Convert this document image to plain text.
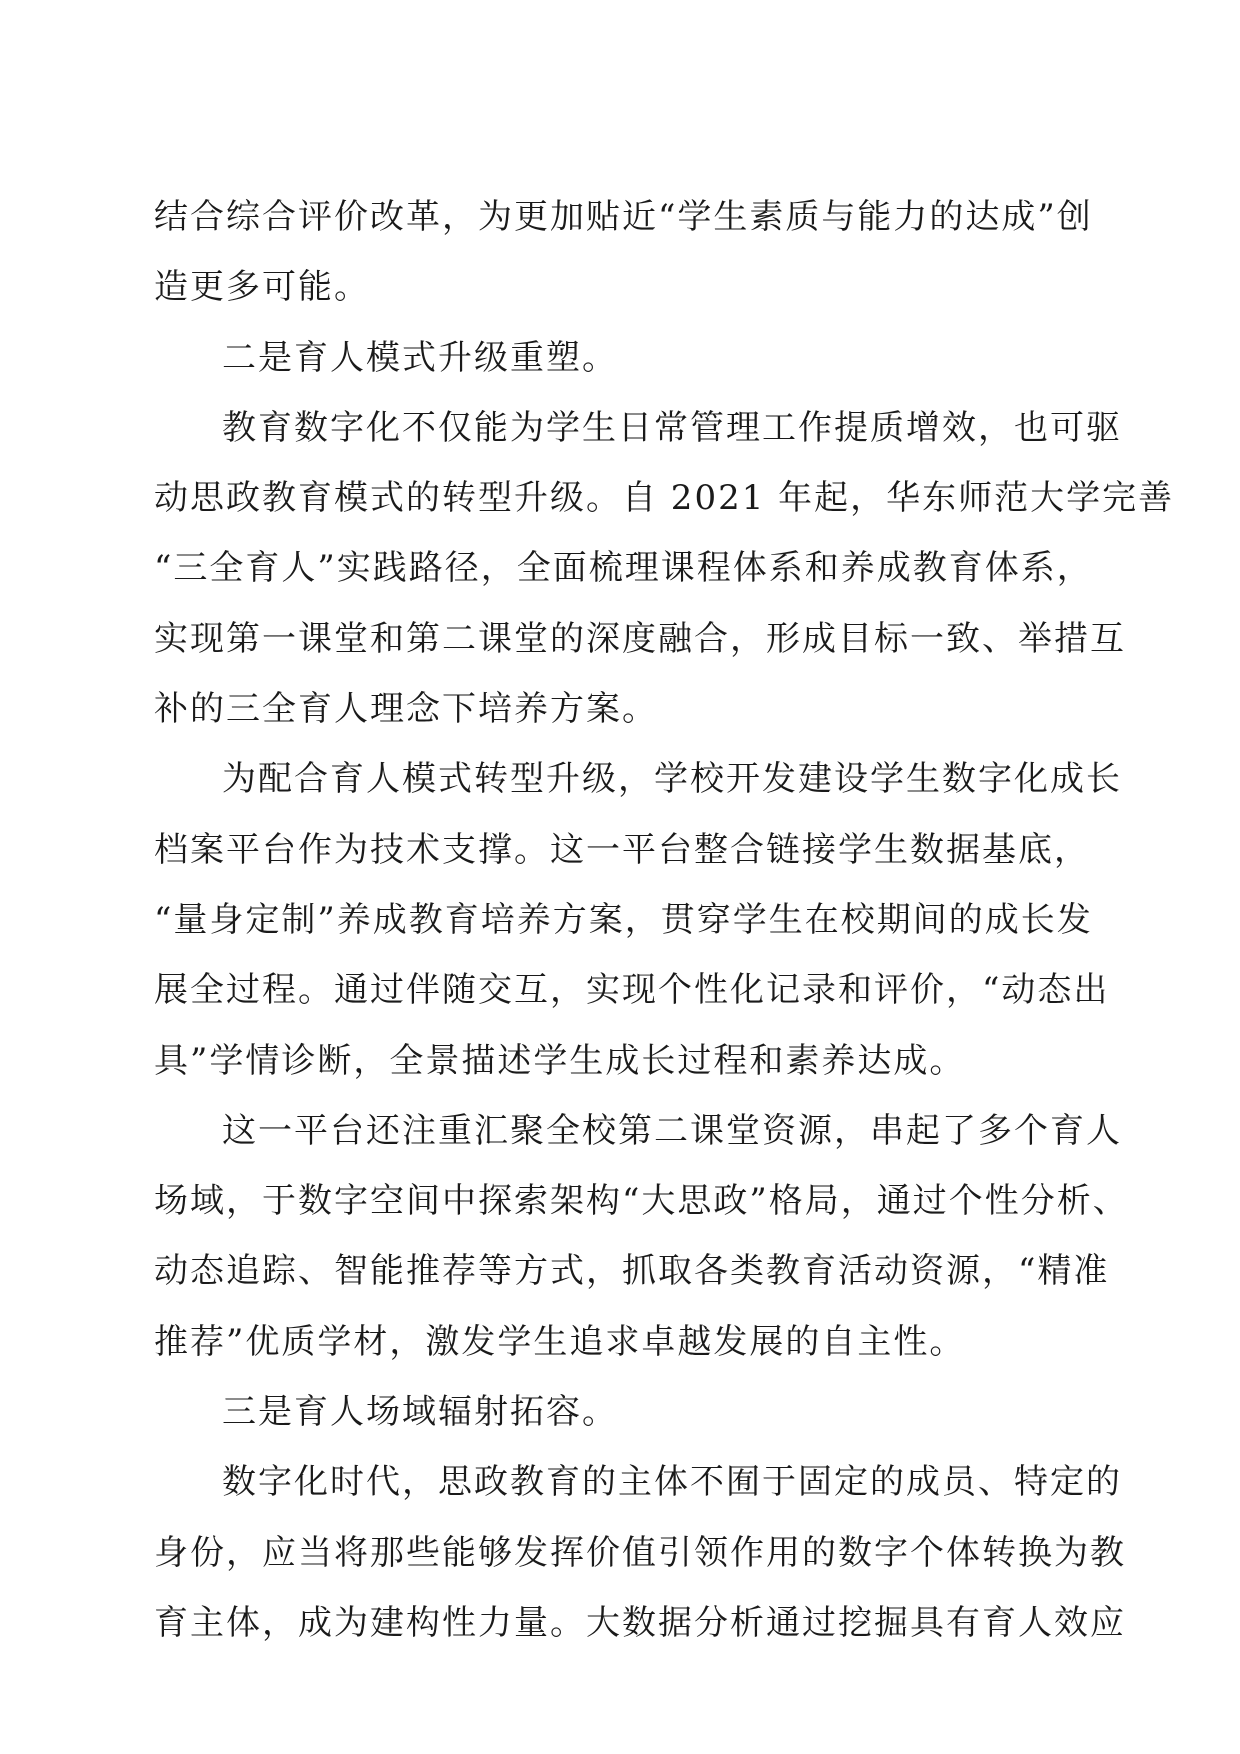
结合综合评价改革，为更加贴近“学生素质与能力的达成”创
造更多可能。
二是育人模式升级重塑。
教育数字化不仅能为学生日常管理工作提质增效，也可驱
动思政教育模式的转型升级。自 2021 年起，华东师范大学完善
“三全育人”实践路径，全面梳理课程体系和养成教育体系，
实现第一课堂和第二课堂的深度融合，形成目标一致、举措互
补的三全育人理念下培养方案。
为配合育人模式转型升级，学校开发建设学生数字化成长
档案平台作为技术支撑。这一平台整合链接学生数据基底，
“量身定制”养成教育培养方案，贯穿学生在校期间的成长发
展全过程。通过伴随交互，实现个性化记录和评价，“动态出
具”学情诊断，全景描述学生成长过程和素养达成。
这一平台还注重汇聚全校第二课堂资源，串起了多个育人
场域，于数字空间中探索架构“大思政”格局，通过个性分析、
动态追踪、智能推荐等方式，抓取各类教育活动资源，“精准
推荐”优质学材，激发学生追求卓越发展的自主性。
三是育人场域辐射拓容。
数字化时代，思政教育的主体不囿于固定的成员、特定的
身份，应当将那些能够发挥价值引领作用的数字个体转换为教
育主体，成为建构性力量。大数据分析通过挖掘具有育人效应
